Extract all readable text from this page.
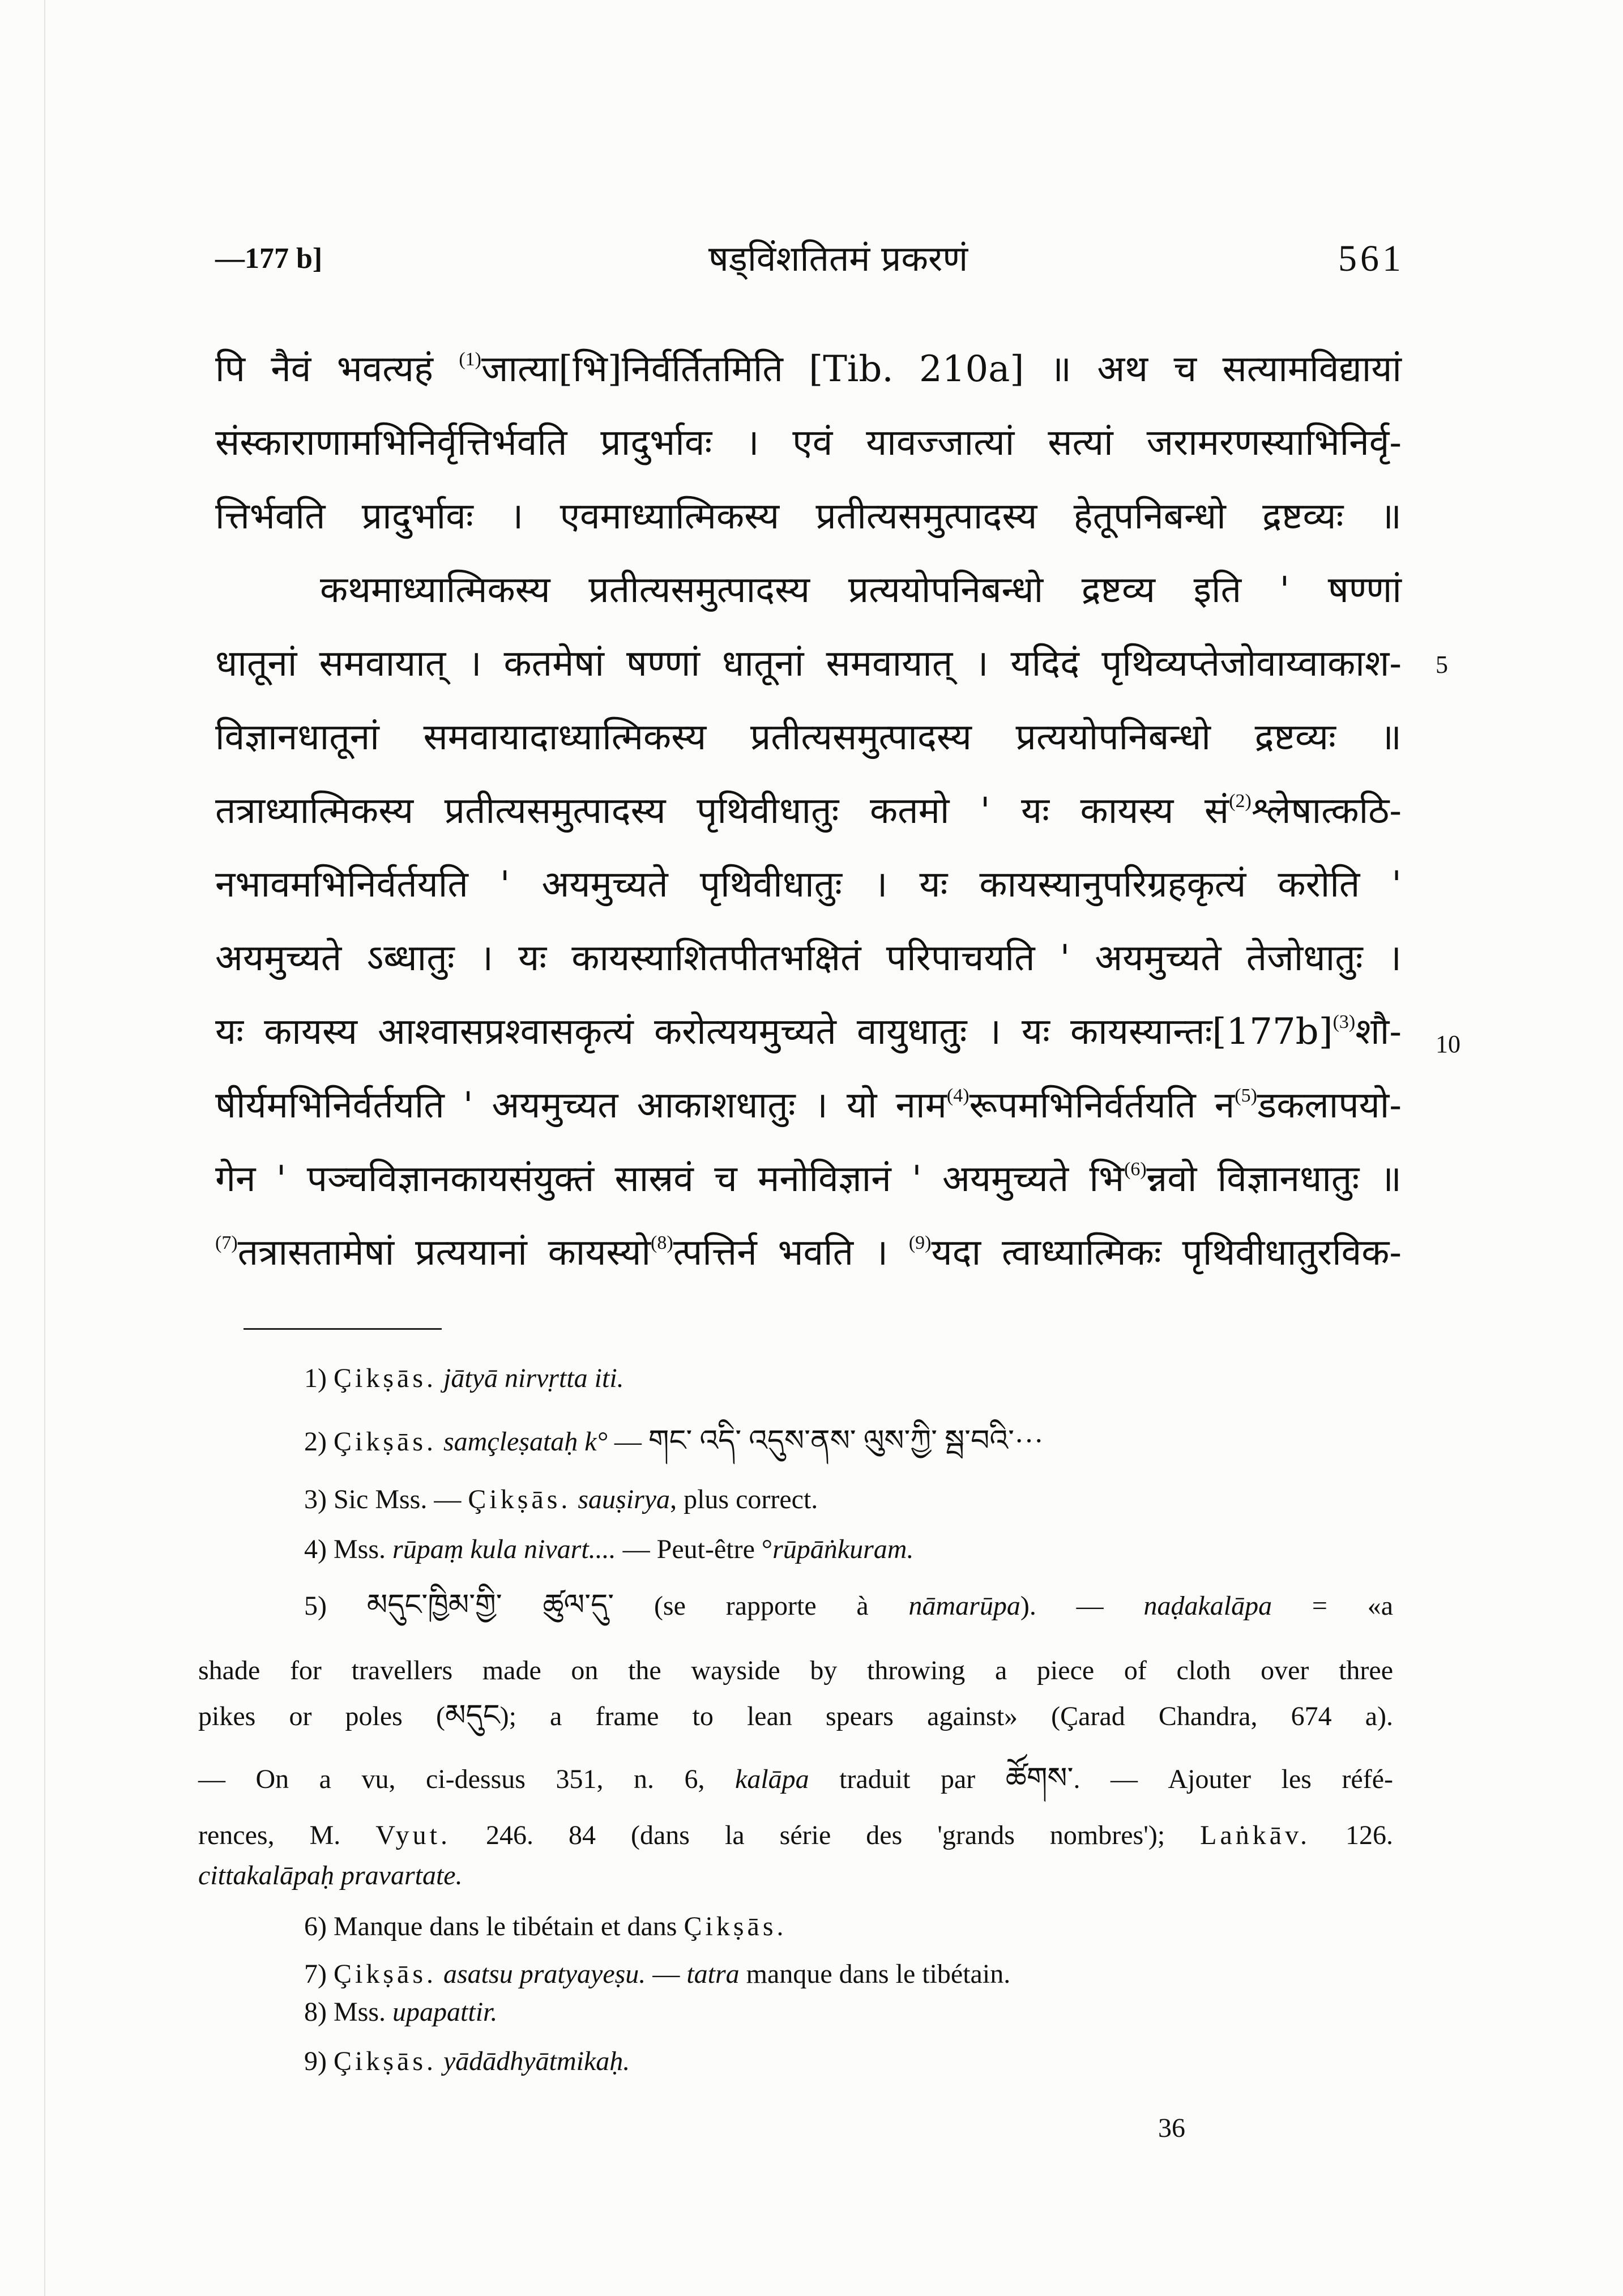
—177 b]	षड्विंशतितमं प्रकरणं	561
पि नैवं भवत्यहं $^{(1)}$जात्या[भि]निर्वर्तितमिति [Tib. 210a] ॥ अथ च सत्यामविद्यायां
संस्काराणामभिनिर्वृत्तिर्भवति प्रादुर्भावः । एवं यावज्जात्यां सत्यां जरामरणस्याभिनिर्वृ-
त्तिर्भवति प्रादुर्भावः । एवमाध्यात्मिकस्य प्रतीत्यसमुत्पादस्य हेतूपनिबन्धो द्रष्टव्यः ॥
कथमाध्यात्मिकस्य प्रतीत्यसमुत्पादस्य प्रत्ययोपनिबन्धो द्रष्टव्य इति ' षण्णां
धातूनां समवायात् । कतमेषां षण्णां धातूनां समवायात् । यदिदं पृथिव्यप्तेजोवाय्वाकाश-
विज्ञानधातूनां समवायादाध्यात्मिकस्य प्रतीत्यसमुत्पादस्य प्रत्ययोपनिबन्धो द्रष्टव्यः ॥
तत्राध्यात्मिकस्य प्रतीत्यसमुत्पादस्य पृथिवीधातुः कतमो ' यः कायस्य सं$^{(2)}$श्लेषात्कठि-
नभावमभिनिर्वर्तयति ' अयमुच्यते पृथिवीधातुः । यः कायस्यानुपरिग्रहकृत्यं करोति '
अयमुच्यते ऽब्धातुः । यः कायस्याशितपीतभक्षितं परिपाचयति ' अयमुच्यते तेजोधातुः ।
यः कायस्य आश्वासप्रश्वासकृत्यं करोत्ययमुच्यते वायुधातुः । यः $कायस्यान्तः[177b]^{(3)}शौ-$
षीर्यमभिनिर्वर्तयति ' अयमुच्यत आकाशधातुः । यो नाम$^{(4)}$रूपमभिनिर्वर्तयति न$^{(5)}$डकलापयो-
गेन ' पञ्चविज्ञानकायसंयुक्तं सास्रवं च मनोविज्ञानं ' अयमुच्यते भि$^{(6)}$न्नवो विज्ञानधातुः ॥
$^{(7)}$तत्रासतामेषां प्रत्ययानां कायस्यो$^{(8)}$त्पत्तिर्न भवति । $^{(9)}$यदा त्वाध्यात्मिकः पृथिवीधातुरविक-
5
10
1) Çikṣās. jātyā nirvṛtta iti.
2) Çikṣās. samçleṣataḥ k° — གང་ འདི་ འདུས་ནས་ ལུས་ཀྱི་ སྦ་བའི་···
3) Sic Mss. — Çikṣās. sauṣirya, plus correct.
4) Mss. rūpaṃ kula nivart.... — Peut-être °rūpāṅkuram.
5) མདུང་ཁྱིམ་གྱི་ ཚུལ་དུ་ (se rapporte à nāmarūpa). — naḍakalāpa = «a
shade for travellers made on the wayside by throwing a piece of cloth over three
pikes or poles (མདུང); a frame to lean spears against» (Çarad Chandra, 674 a).
— On a vu, ci-dessus 351, n. 6, kalāpa traduit par ཚོགས་. — Ajouter les réfé-
rences, M. Vyut. 246. 84 (dans la série des 'grands nombres'); Laṅkāv. 126.
cittakalāpaḥ pravartate.
6) Manque dans le tibétain et dans Çikṣās.
7) Çikṣās. asatsu pratyayeṣu. — tatra manque dans le tibétain.
8) Mss. upapattir.
9) Çikṣās. yādādhyātmikaḥ.
36
